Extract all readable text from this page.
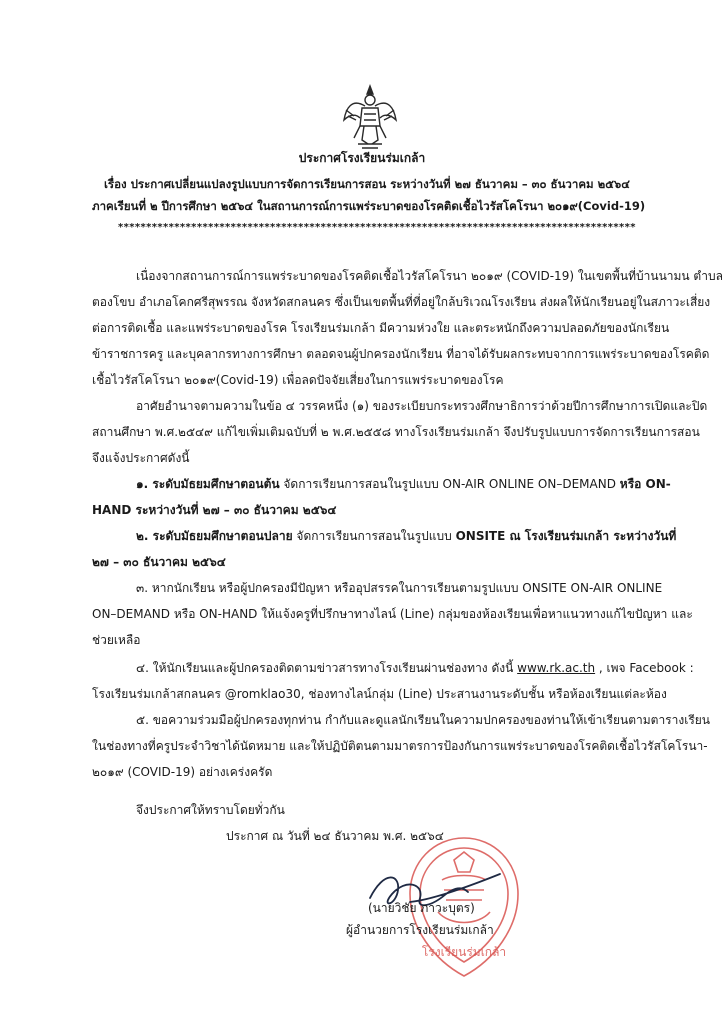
ประกาศโรงเรียนร่มเกล้า
เรื่อง ประกาศเปลี่ยนแปลงรูปแบบการจัดการเรียนการสอน ระหว่างวันที่ ๒๗ ธันวาคม – ๓๐ ธันวาคม ๒๕๖๔
ภาคเรียนที่ ๒ ปีการศึกษา ๒๕๖๔ ในสถานการณ์การแพร่ระบาดของโรคติดเชื้อไวรัสโคโรนา ๒๐๑๙(Covid-19)
********************************************************************************************
เนื่องจากสถานการณ์การแพร่ระบาดของโรคติดเชื้อไวรัสโคโรนา ๒๐๑๙ (COVID-19) ในเขตพื้นที่บ้านนามน ตำบล
ตองโขบ อำเภอโคกศรีสุพรรณ จังหวัดสกลนคร ซึ่งเป็นเขตพื้นที่ที่อยู่ใกล้บริเวณโรงเรียน ส่งผลให้นักเรียนอยู่ในสภาวะเสี่ยง
ต่อการติดเชื้อ และแพร่ระบาดของโรค โรงเรียนร่มเกล้า มีความห่วงใย และตระหนักถึงความปลอดภัยของนักเรียน
ข้าราชการครู และบุคลากรทางการศึกษา ตลอดจนผู้ปกครองนักเรียน ที่อาจได้รับผลกระทบจากการแพร่ระบาดของโรคติด
เชื้อไวรัสโคโรนา ๒๐๑๙(Covid-19) เพื่อลดปัจจัยเสี่ยงในการแพร่ระบาดของโรค
อาศัยอำนาจตามความในข้อ ๔ วรรคหนึ่ง (๑) ของระเบียบกระทรวงศึกษาธิการว่าด้วยปีการศึกษาการเปิดและปิด
สถานศึกษา พ.ศ.๒๕๔๙ แก้ไขเพิ่มเติมฉบับที่ ๒ พ.ศ.๒๕๕๘ ทางโรงเรียนร่มเกล้า จึงปรับรูปแบบการจัดการเรียนการสอน
จึงแจ้งประกาศดังนี้
๑. ระดับมัธยมศึกษาตอนต้น จัดการเรียนการสอนในรูปแบบ ON-AIR ONLINE ON–DEMAND หรือ ON-
HAND ระหว่างวันที่ ๒๗ – ๓๐ ธันวาคม ๒๕๖๔
๒. ระดับมัธยมศึกษาตอนปลาย จัดการเรียนการสอนในรูปแบบ ONSITE ณ โรงเรียนร่มเกล้า ระหว่างวันที่
๒๗ – ๓๐ ธันวาคม ๒๕๖๔
๓. หากนักเรียน หรือผู้ปกครองมีปัญหา หรืออุปสรรคในการเรียนตามรูปแบบ ONSITE ON-AIR ONLINE
ON–DEMAND หรือ ON-HAND ให้แจ้งครูที่ปรึกษาทางไลน์ (Line) กลุ่มของห้องเรียนเพื่อหาแนวทางแก้ไขปัญหา และ
ช่วยเหลือ
๔. ให้นักเรียนและผู้ปกครองติดตามข่าวสารทางโรงเรียนผ่านช่องทาง ดังนี้ www.rk.ac.th , เพจ Facebook :
โรงเรียนร่มเกล้าสกลนคร @romklao30, ช่องทางไลน์กลุ่ม (Line) ประสานงานระดับชั้น หรือห้องเรียนแต่ละห้อง
๕. ขอความร่วมมือผู้ปกครองทุกท่าน กำกับและดูแลนักเรียนในความปกครองของท่านให้เข้าเรียนตามตารางเรียน
ในช่องทางที่ครูประจำวิชาได้นัดหมาย และให้ปฏิบัติตนตามมาตรการป้องกันการแพร่ระบาดของโรคติดเชื้อไวรัสโคโรนา-
๒๐๑๙ (COVID-19) อย่างเคร่งครัด
จึงประกาศให้ทราบโดยทั่วกัน
ประกาศ ณ วันที่ ๒๔ ธันวาคม พ.ศ. ๒๕๖๔
โรงเรียนร่มเกล้า
(นายวิชัย ภาวะบุตร)
ผู้อำนวยการโรงเรียนร่มเกล้า
